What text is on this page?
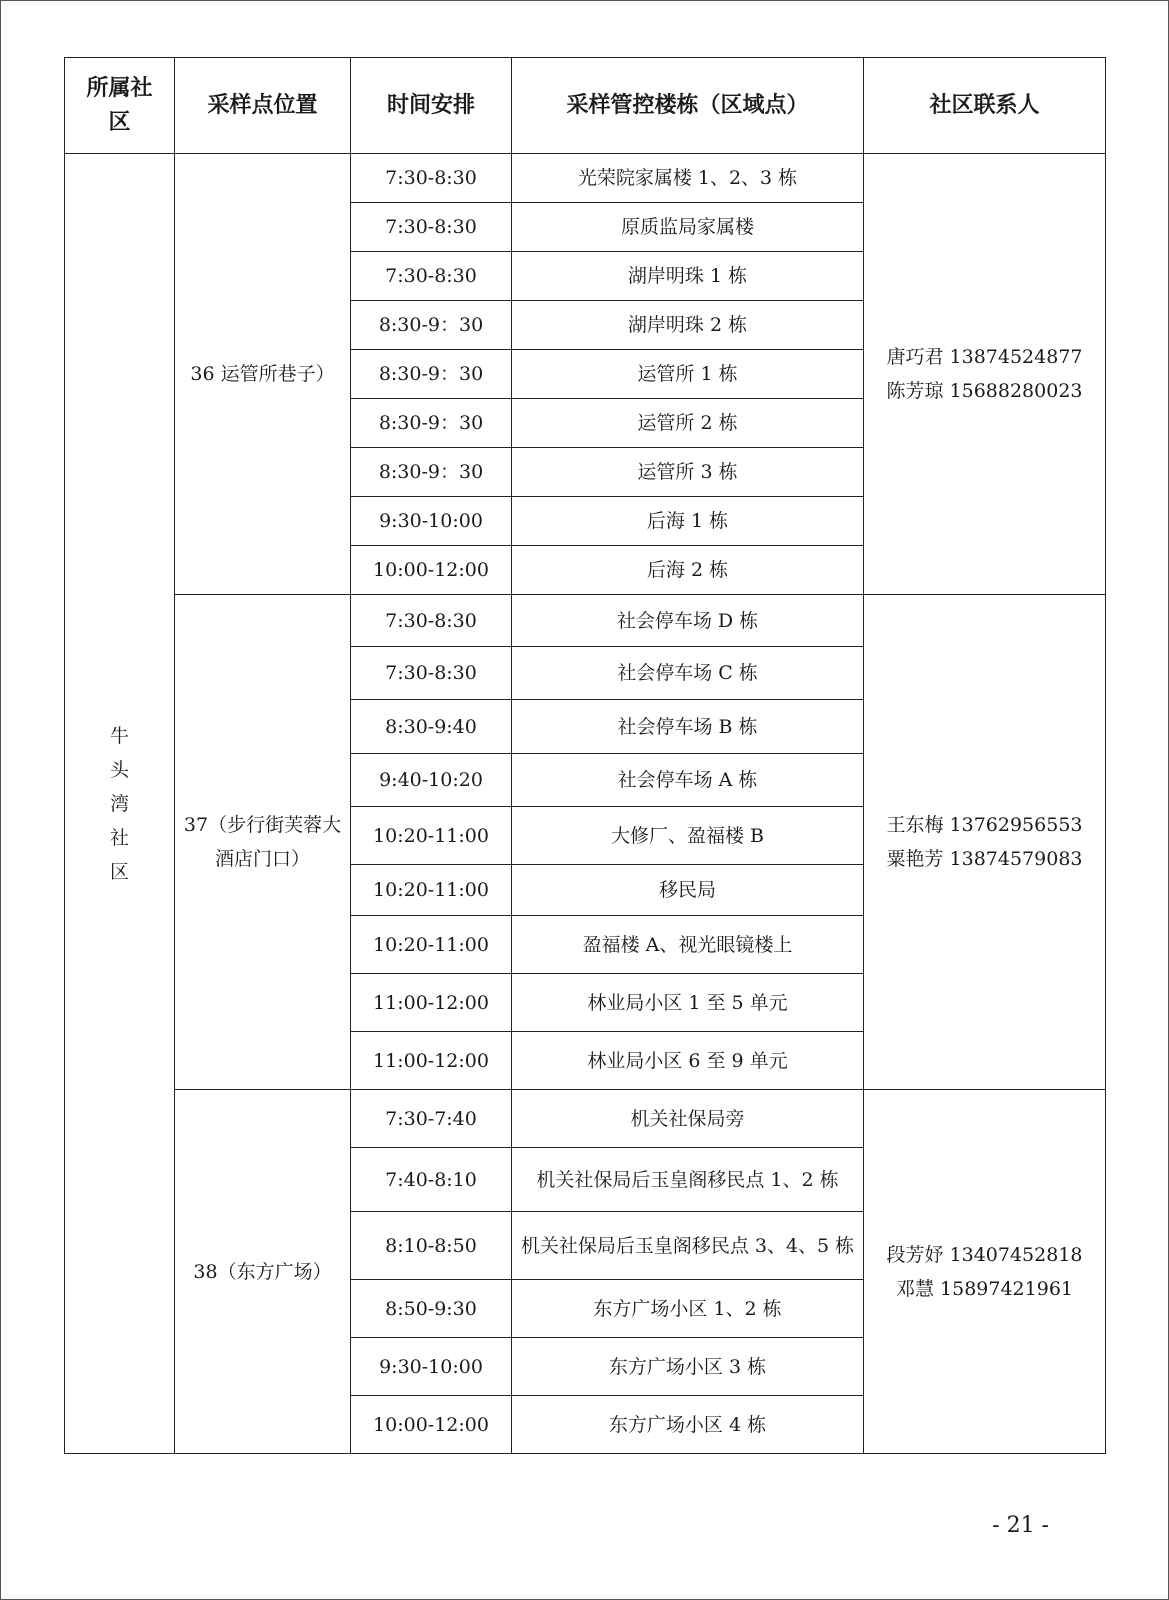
所属社区	采样点位置	时间安排	采样管控楼栋（区域点）	社区联系人

牛
头
湾
社
区	36 运管所巷子）	7:30-8:30	光荣院家属楼 1、2、3 栋	唐巧君 13874524877
陈芳琼 15688280023

		7:30-8:30	原质监局家属楼	
		7:30-8:30	湖岸明珠 1 栋	
		8:30-9：30	湖岸明珠 2 栋	
		8:30-9：30	运管所 1 栋	
		8:30-9：30	运管所 2 栋	
		8:30-9：30	运管所 3 栋	
		9:30-10:00	后海 1 栋	
		10:00-12:00	后海 2 栋	
	37（步行街芙蓉大酒店门口）	7:30-8:30	社会停车场 D 栋	王东梅 13762956553
粟艳芳 13874579083

		7:30-8:30	社会停车场 C 栋	
		8:30-9:40	社会停车场 B 栋	
		9:40-10:20	社会停车场 A 栋	
		10:20-11:00	大修厂、盈福楼 B	
		10:20-11:00	移民局	
		10:20-11:00	盈福楼 A、视光眼镜楼上	
		11:00-12:00	林业局小区 1 至 5 单元	
		11:00-12:00	林业局小区 6 至 9 单元	
	38（东方广场）	7:30-7:40	机关社保局旁	段芳妤 13407452818
邓慧 15897421961

		7:40-8:10	机关社保局后玉皇阁移民点 1、2 栋	
		8:10-8:50	机关社保局后玉皇阁移民点 3、4、5 栋	
		8:50-9:30	东方广场小区 1、2 栋	
		9:30-10:00	东方广场小区 3 栋	
		10:00-12:00	东方广场小区 4 栋	
- 21 -
